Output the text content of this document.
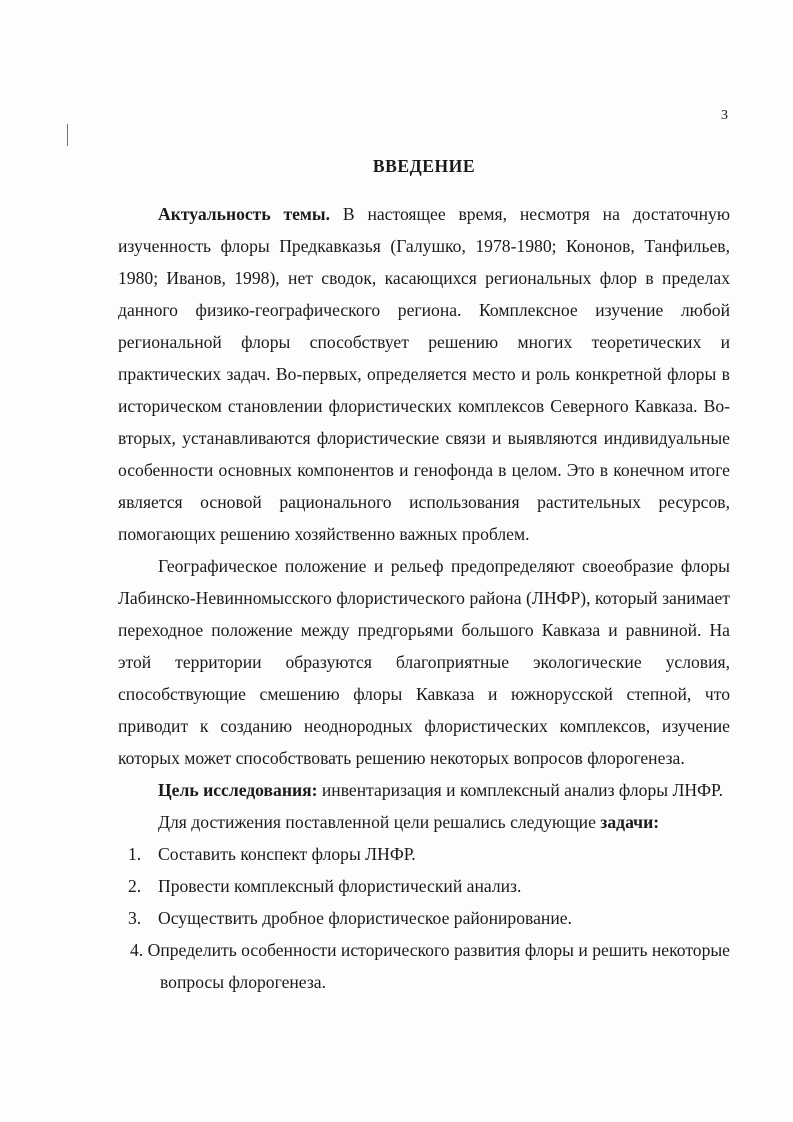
3
ВВЕДЕНИЕ

Актуальность темы. В настоящее время, несмотря на достаточную изученность флоры Предкавказья (Галушко, 1978-1980; Кононов, Танфильев, 1980; Иванов, 1998), нет сводок, касающихся региональных флор в пределах данного физико-географического региона. Комплексное изучение любой региональной флоры способствует решению многих теоретических и практических задач. Во-первых, определяется место и роль конкретной флоры в историческом становлении флористических комплексов Северного Кавказа. Во-вторых, устанавливаются флористические связи и выявляются индивидуальные особенности основных компонентов и генофонда в целом. Это в конечном итоге является основой рационального использования растительных ресурсов, помогающих решению хозяйственно важных проблем.

Географическое положение и рельеф предопределяют своеобразие флоры Лабинско-Невинномысского флористического района (ЛНФР), который занимает переходное положение между предгорьями большого Кавказа и равниной. На этой территории образуются благоприятные экологические условия, способствующие смешению флоры Кавказа и южнорусской степной, что приводит к созданию неоднородных флористических комплексов, изучение которых может способствовать решению некоторых вопросов флорогенеза.

Цель исследования: инвентаризация и комплексный анализ флоры ЛНФР.

Для достижения поставленной цели решались следующие задачи:

1. Составить конспект флоры ЛНФР.
2. Провести комплексный флористический анализ.
3. Осуществить дробное флористическое районирование.
4. Определить особенности исторического развития флоры и решить некоторые вопросы флорогенеза.
